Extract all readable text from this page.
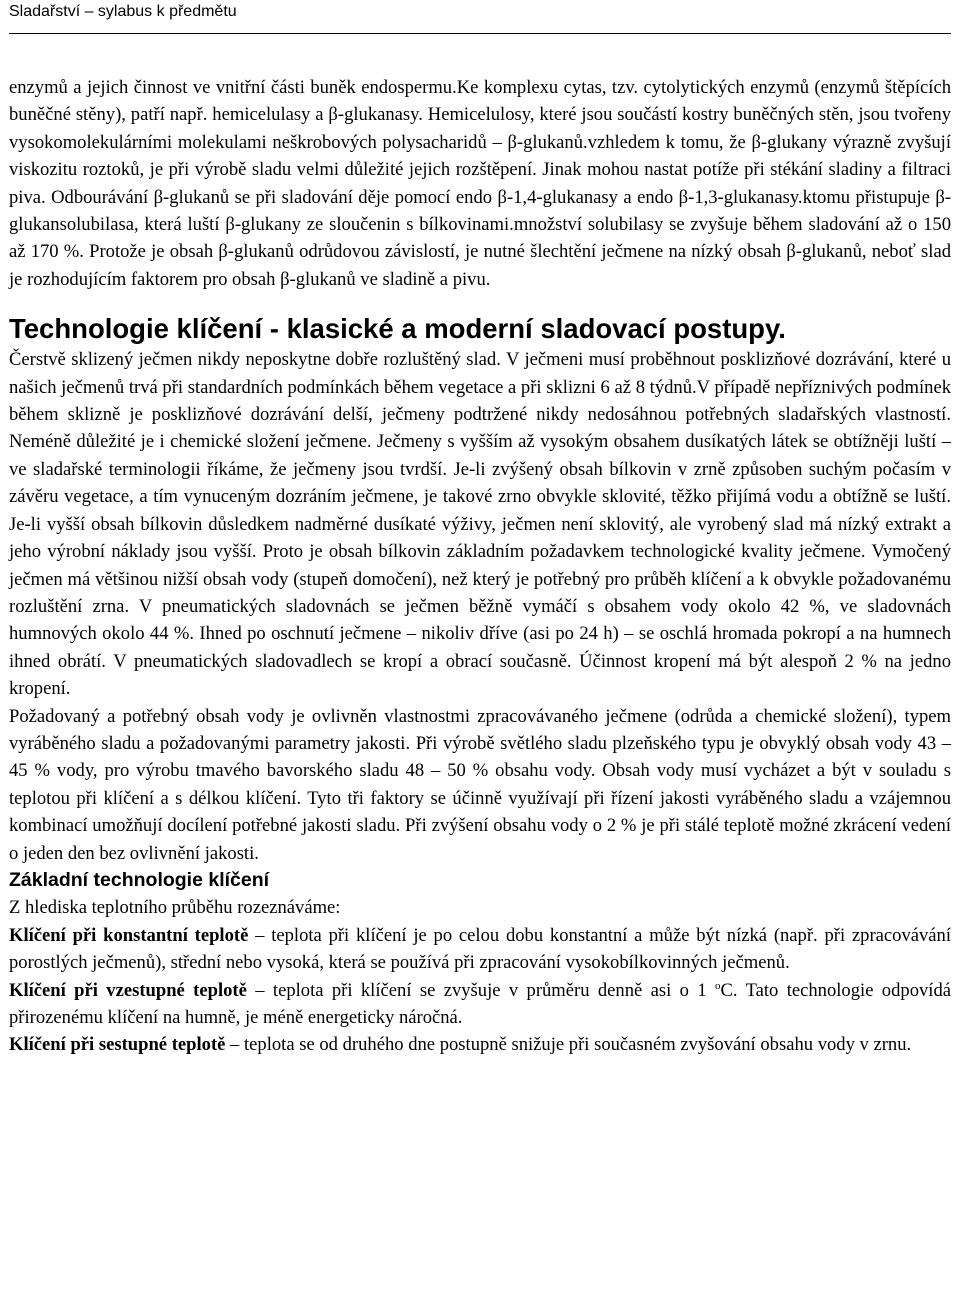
Sladařství – sylabus k předmětu

enzymů a jejich činnost ve vnitřní části buněk endospermu.Ke komplexu cytas, tzv. cytolytických enzymů (enzymů štěpících buněčné stěny), patří např. hemicelulasy a β-glukanasy. Hemicelulosy, které jsou součástí kostry buněčných stěn, jsou tvořeny vysokomolekulárními molekulami neškrobových polysacharidů – β-glukanů.vzhledem k tomu, že β-glukany výrazně zvyšují viskozitu roztoků, je při výrobě sladu velmi důležité jejich rozštěpení. Jinak mohou nastat potíže při stékání sladiny a filtraci piva. Odbourávání β-glukanů se při sladování děje pomocí endo β-1,4-glukanasy a endo β-1,3-glukanasy.ktomu přistupuje β-glukansolubilasa, která luští β-glukany ze sloučenin s bílkovinami.množství solubilasy se zvyšuje během sladování až o 150 až 170 %. Protože je obsah β-glukanů odrůdovou závislostí, je nutné šlechtění ječmene na nízký obsah β-glukanů, neboť slad je rozhodujícím faktorem pro obsah β-glukanů ve sladině a pivu.

Technologie klíčení - klasické a moderní sladovací postupy.

Čerstvě sklizený ječmen nikdy neposkytne dobře rozluštěný slad. V ječmeni musí proběhnout posklizňové dozrávání, které u našich ječmenů trvá při standardních podmínkách během vegetace a při sklizni 6 až 8 týdnů.V případě nepříznivých podmínek během sklizně je posklizňové dozrávání delší, ječmeny podtržené nikdy nedosáhnou potřebných sladařských vlastností. Neméně důležité je i chemické složení ječmene. Ječmeny s vyšším až vysokým obsahem dusíkatých látek se obtížněji luští – ve sladařské terminologii říkáme, že ječmeny jsou tvrdší. Je-li zvýšený obsah bílkovin v zrně způsoben suchým počasím v závěru vegetace, a tím vynuceným dozráním ječmene, je takové zrno obvykle sklovité, těžko přijímá vodu a obtížně se luští. Je-li vyšší obsah bílkovin důsledkem nadměrné dusíkaté výživy, ječmen není sklovitý, ale vyrobený slad má nízký extrakt a jeho výrobní náklady jsou vyšší. Proto je obsah bílkovin základním požadavkem technologické kvality ječmene. Vymočený ječmen má většinou nižší obsah vody (stupeň domočení), než který je potřebný pro průběh klíčení a k obvykle požadovanému rozluštění zrna. V pneumatických sladovnách se ječmen běžně vymáčí s obsahem vody okolo 42 %, ve sladovnách humnových okolo 44 %. Ihned po oschnutí ječmene – nikoliv dříve (asi po 24 h) – se oschlá hromada pokropí a na humnech ihned obrátí. V pneumatických sladovadlech se kropí a obrací současně. Účinnost kropení má být alespoň 2 % na jedno kropení.

Požadovaný a potřebný obsah vody je ovlivněn vlastnostmi zpracovávaného ječmene (odrůda a chemické složení), typem vyráběného sladu a požadovanými parametry jakosti. Při výrobě světlého sladu plzeňského typu je obvyklý obsah vody 43 – 45 % vody, pro výrobu tmavého bavorského sladu 48 – 50 % obsahu vody. Obsah vody musí vycházet a být v souladu s teplotou při klíčení a s délkou klíčení. Tyto tři faktory se účinně využívají při řízení jakosti vyráběného sladu a vzájemnou kombinací umožňují docílení potřebné jakosti sladu. Při zvýšení obsahu vody o 2 % je při stálé teplotě možné zkrácení vedení o jeden den bez ovlivnění jakosti.

Základní technologie klíčení

Z hlediska teplotního průběhu rozeznáváme:

Klíčení při konstantní teplotě – teplota při klíčení je po celou dobu konstantní a může být nízká (např. při zpracovávání porostlých ječmenů), střední nebo vysoká, která se používá při zpracování vysokobílkovinných ječmenů.

Klíčení při vzestupné teplotě – teplota při klíčení se zvyšuje v průměru denně asi o 1 $^o$C. Tato technologie odpovídá přirozenému klíčení na humně, je méně energeticky náročná.

Klíčení při sestupné teplotě – teplota se od druhého dne postupně snižuje při současném zvyšování obsahu vody v zrnu.
